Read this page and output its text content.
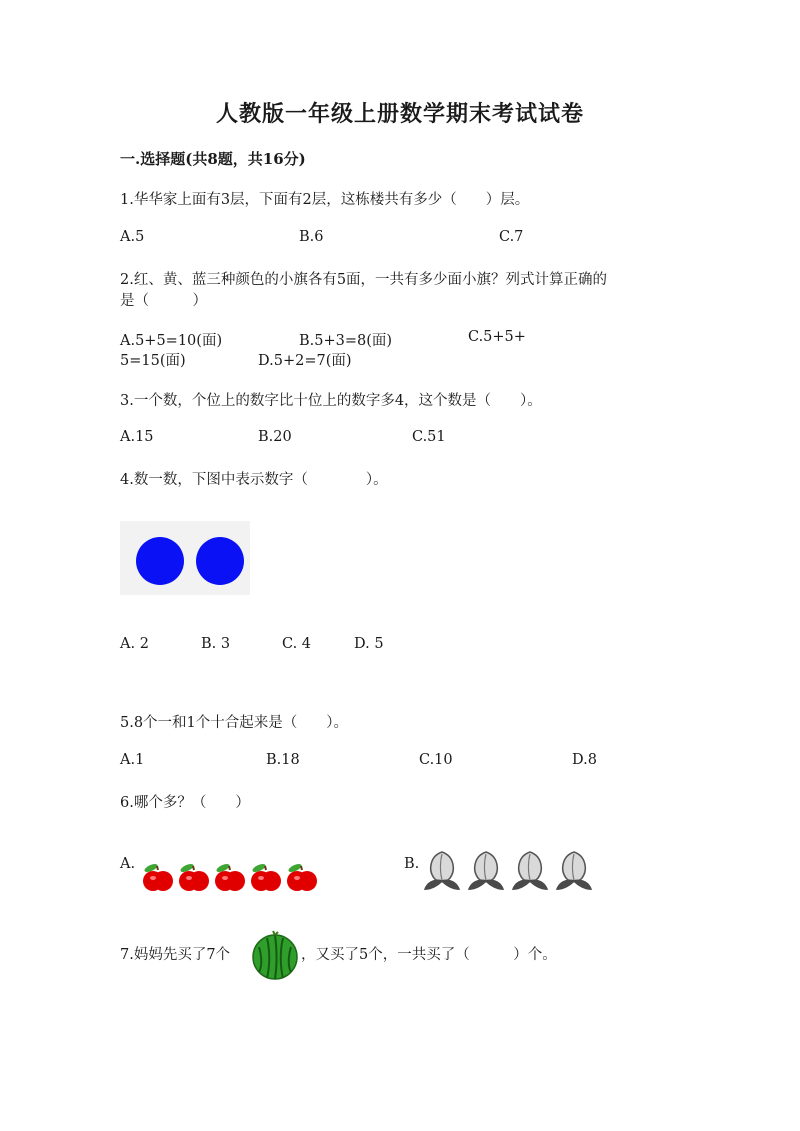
人教版一年级上册数学期末考试试卷
一.选择题(共8题，共16分)
1.华华家上面有3层，下面有2层，这栋楼共有多少（　　）层。
A.5	B.6	C.7
2.红、黄、蓝三种颜色的小旗各有5面，一共有多少面小旗？列式计算正确的
是（　　　）
A.5+5=10(面)	B.5+3=8(面)	C.5+5+
5=15(面)	D.5+2=7(面)
3.一个数，个位上的数字比十位上的数字多4，这个数是（　　）。
A.15	B.20	C.51
4.数一数，下图中表示数字（　　　　）。
A. 2	B. 3	C. 4	D. 5
5.8个一和1个十合起来是（　　）。
A.1	B.18	C.10	D.8
6.哪个多？（　　）
A.	B.
7.妈妈先买了7个	，又买了5个，一共买了（　　　）个。
